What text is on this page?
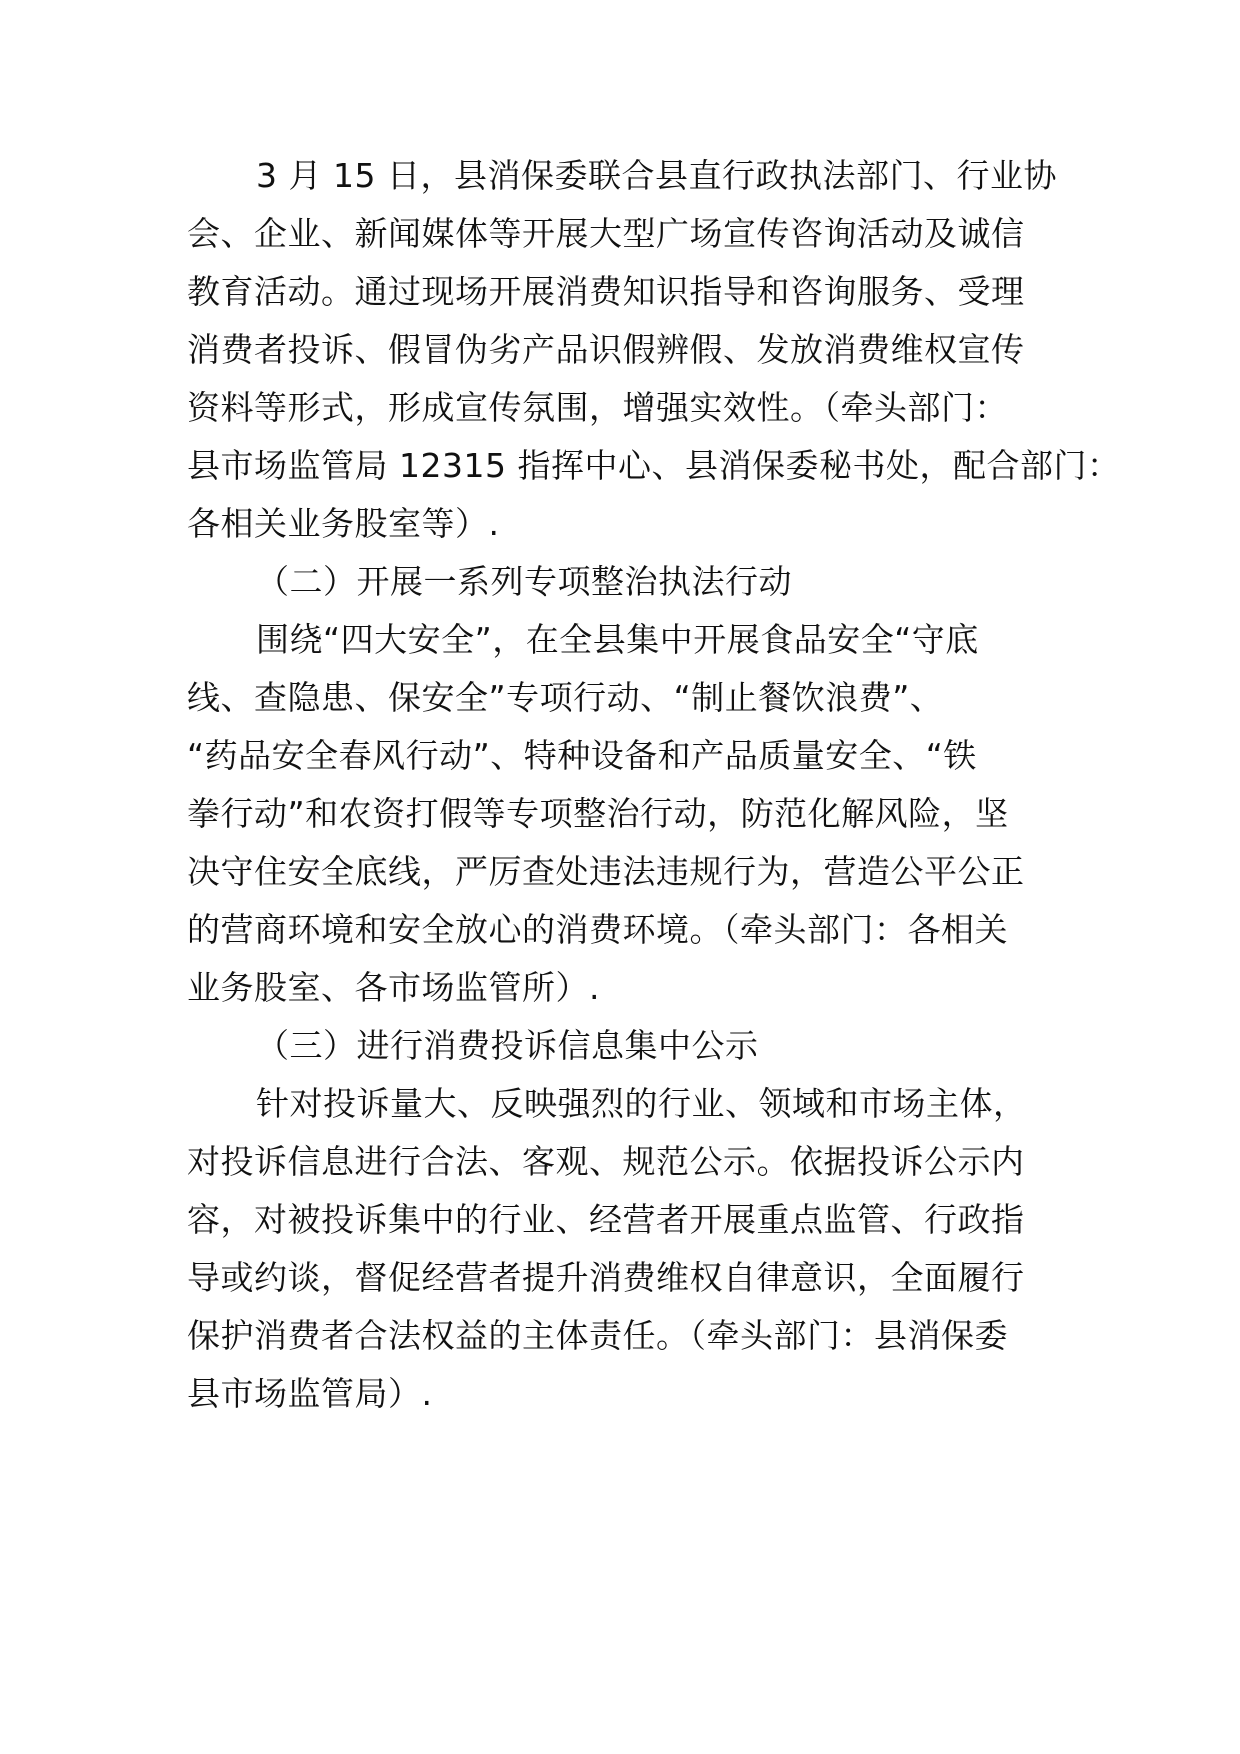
3 月 15 日，县消保委联合县直行政执法部门、行业协
会、企业、新闻媒体等开展大型广场宣传咨询活动及诚信
教育活动。通过现场开展消费知识指导和咨询服务、受理
消费者投诉、假冒伪劣产品识假辨假、发放消费维权宣传
资料等形式，形成宣传氛围，增强实效性。（牵头部门：
县市场监管局 12315 指挥中心、县消保委秘书处，配合部门：
各相关业务股室等）.
（二）开展一系列专项整治执法行动
围绕“四大安全”，在全县集中开展食品安全“守底
线、查隐患、保安全”专项行动、“制止餐饮浪费”、
“药品安全春风行动”、特种设备和产品质量安全、“铁
拳行动”和农资打假等专项整治行动，防范化解风险，坚
决守住安全底线，严厉查处违法违规行为，营造公平公正
的营商环境和安全放心的消费环境。（牵头部门：各相关
业务股室、各市场监管所）.
（三）进行消费投诉信息集中公示
针对投诉量大、反映强烈的行业、领域和市场主体，
对投诉信息进行合法、客观、规范公示。依据投诉公示内
容，对被投诉集中的行业、经营者开展重点监管、行政指
导或约谈，督促经营者提升消费维权自律意识，全面履行
保护消费者合法权益的主体责任。（牵头部门：县消保委
县市场监管局）.
